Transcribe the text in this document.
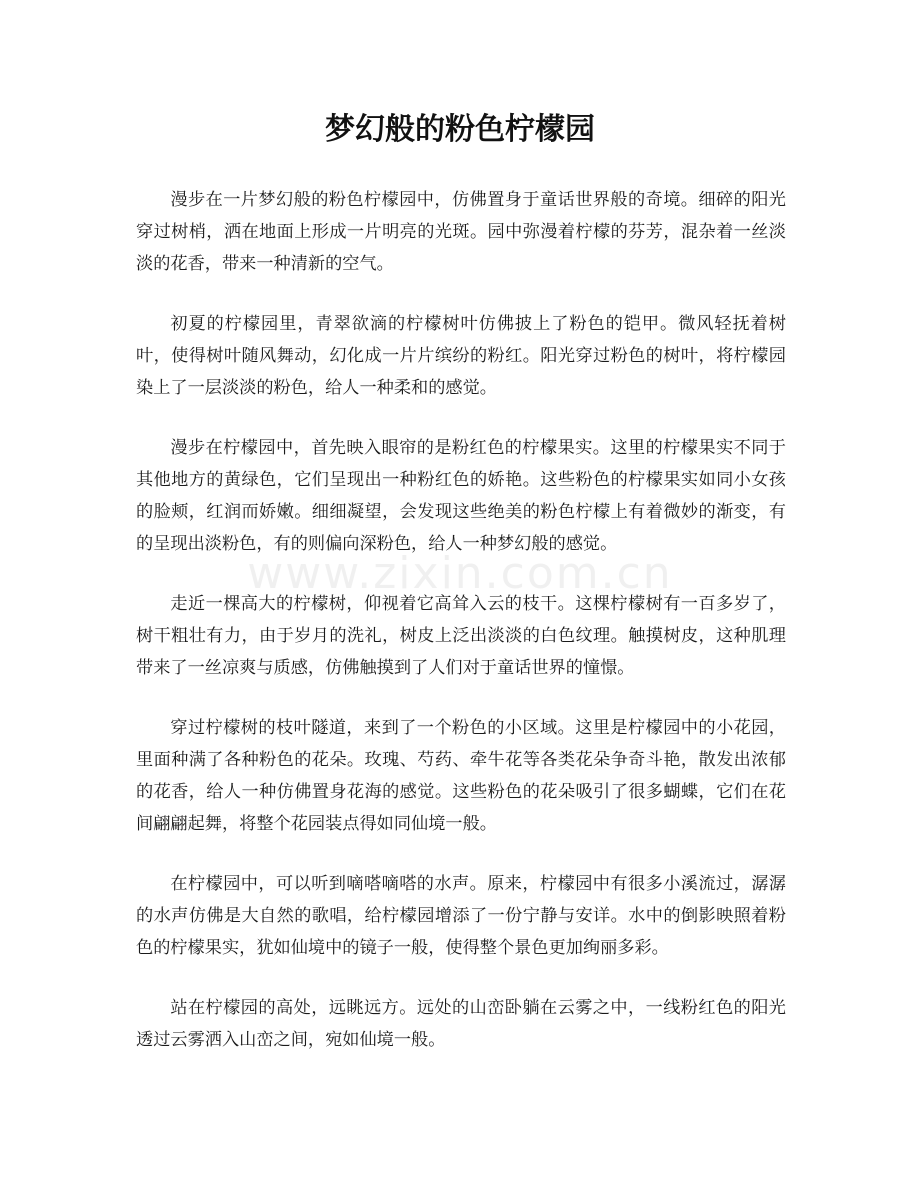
梦幻般的粉色柠檬园
www.zixin.com.cn

漫步在一片梦幻般的粉色柠檬园中，仿佛置身于童话世界般的奇境。细碎的阳光穿过树梢，洒在地面上形成一片明亮的光斑。园中弥漫着柠檬的芬芳，混杂着一丝淡淡的花香，带来一种清新的空气。

初夏的柠檬园里，青翠欲滴的柠檬树叶仿佛披上了粉色的铠甲。微风轻抚着树叶，使得树叶随风舞动，幻化成一片片缤纷的粉红。阳光穿过粉色的树叶，将柠檬园染上了一层淡淡的粉色，给人一种柔和的感觉。

漫步在柠檬园中，首先映入眼帘的是粉红色的柠檬果实。这里的柠檬果实不同于其他地方的黄绿色，它们呈现出一种粉红色的娇艳。这些粉色的柠檬果实如同小女孩的脸颊，红润而娇嫩。细细凝望，会发现这些绝美的粉色柠檬上有着微妙的渐变，有的呈现出淡粉色，有的则偏向深粉色，给人一种梦幻般的感觉。

走近一棵高大的柠檬树，仰视着它高耸入云的枝干。这棵柠檬树有一百多岁了，树干粗壮有力，由于岁月的洗礼，树皮上泛出淡淡的白色纹理。触摸树皮，这种肌理带来了一丝凉爽与质感，仿佛触摸到了人们对于童话世界的憧憬。

穿过柠檬树的枝叶隧道，来到了一个粉色的小区域。这里是柠檬园中的小花园，里面种满了各种粉色的花朵。玫瑰、芍药、牵牛花等各类花朵争奇斗艳，散发出浓郁的花香，给人一种仿佛置身花海的感觉。这些粉色的花朵吸引了很多蝴蝶，它们在花间翩翩起舞，将整个花园装点得如同仙境一般。

在柠檬园中，可以听到嘀嗒嘀嗒的水声。原来，柠檬园中有很多小溪流过，潺潺的水声仿佛是大自然的歌唱，给柠檬园增添了一份宁静与安详。水中的倒影映照着粉色的柠檬果实，犹如仙境中的镜子一般，使得整个景色更加绚丽多彩。

站在柠檬园的高处，远眺远方。远处的山峦卧躺在云雾之中，一线粉红色的阳光透过云雾洒入山峦之间，宛如仙境一般。
